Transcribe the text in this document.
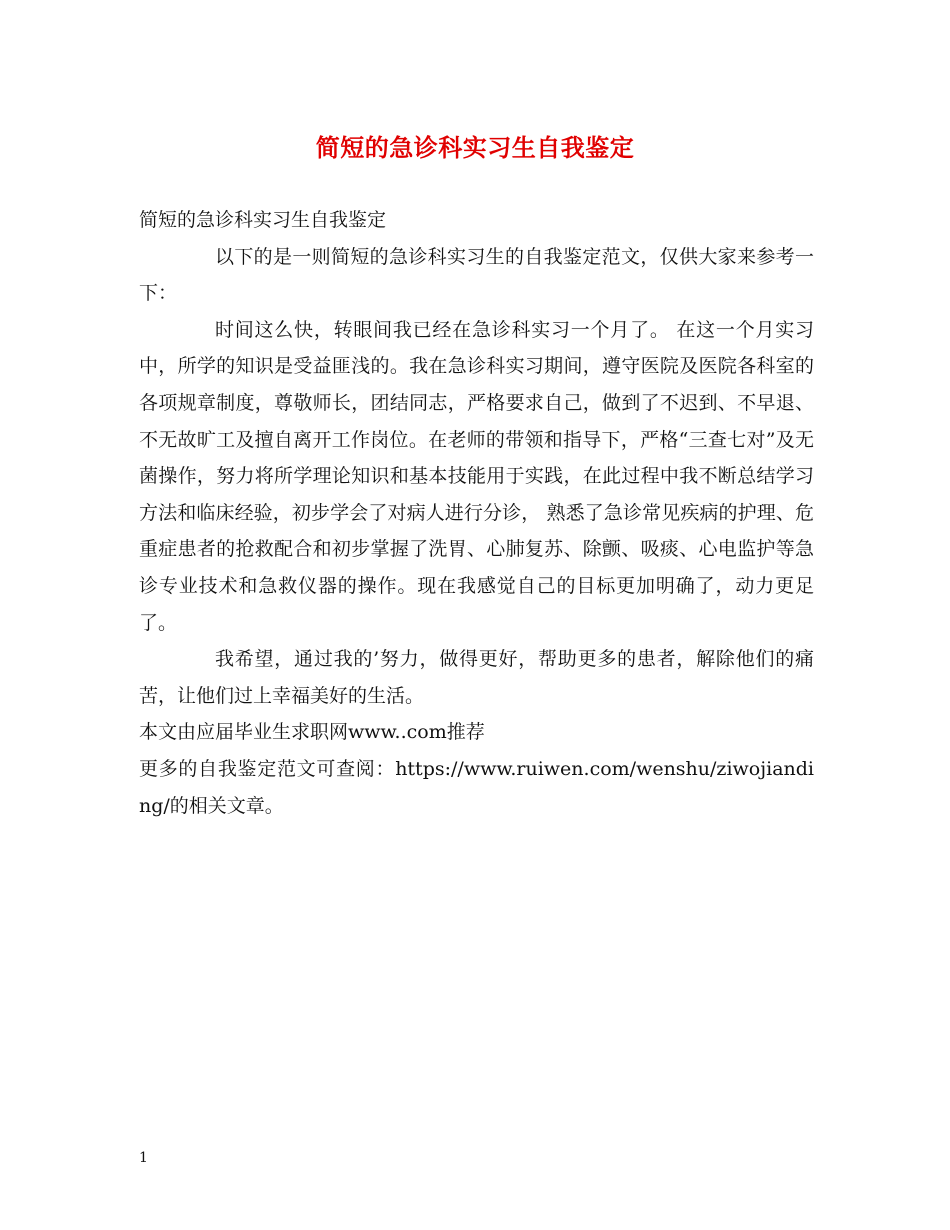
简短的急诊科实习生自我鉴定

简短的急诊科实习生自我鉴定

以下的是一则简短的急诊科实习生的自我鉴定范文，仅供大家来参考一下：

时间这么快，转眼间我已经在急诊科实习一个月了。 在这一个月实习中，所学的知识是受益匪浅的。我在急诊科实习期间，遵守医院及医院各科室的各项规章制度，尊敬师长，团结同志，严格要求自己，做到了不迟到、不早退、不无故旷工及擅自离开工作岗位。在老师的带领和指导下，严格“三查七对”及无菌操作，努力将所学理论知识和基本技能用于实践，在此过程中我不断总结学习方法和临床经验，初步学会了对病人进行分诊， 熟悉了急诊常见疾病的护理、危重症患者的抢救配合和初步掌握了洗胃、心肺复苏、除颤、吸痰、心电监护等急诊专业技术和急救仪器的操作。现在我感觉自己的目标更加明确了，动力更足了。

我希望，通过我的’努力，做得更好，帮助更多的患者，解除他们的痛苦，让他们过上幸福美好的生活。

本文由应届毕业生求职网www..com推荐

更多的自我鉴定范文可查阅：https://www.ruiwen.com/wenshu/ziwojianding/的相关文章。

1
